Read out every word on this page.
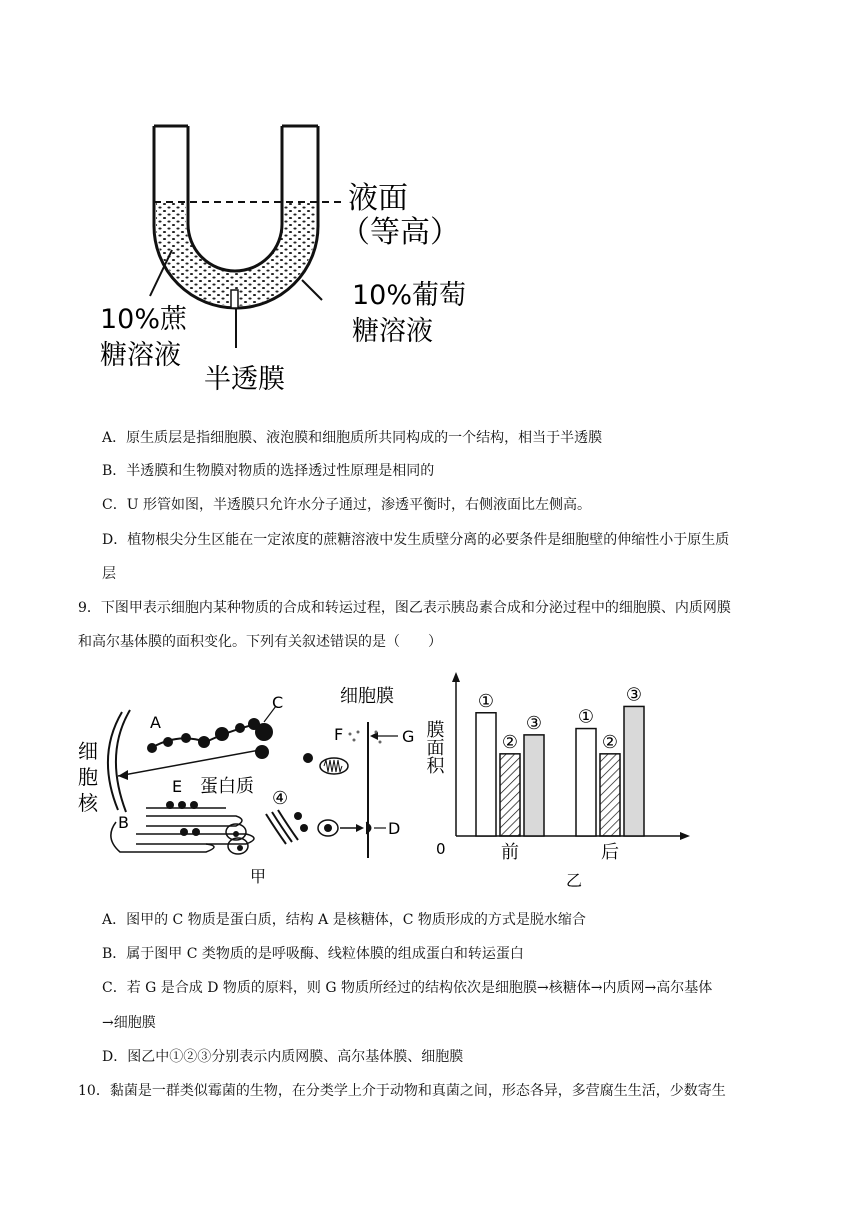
液面
（等高）
10%蔗
糖溶液
10%葡萄
糖溶液
半透膜
A．原生质层是指细胞膜、液泡膜和细胞质所共同构成的一个结构，相当于半透膜
B．半透膜和生物膜对物质的选择透过性原理是相同的
C．U 形管如图，半透膜只允许水分子通过，渗透平衡时，右侧液面比左侧高。
D．植物根尖分生区能在一定浓度的蔗糖溶液中发生质壁分离的必要条件是细胞壁的伸缩性小于原生质
层
9．下图甲表示细胞内某种物质的合成和转运过程，图乙表示胰岛素合成和分泌过程中的细胞膜、内质网膜
和高尔基体膜的面积变化。下列有关叙述错误的是（　　）
细
胞
核
A
C
E
B
蛋白质
④
D
细胞膜
F	G
甲
膜面积
0
①
②
③
前
①
②
③
后
乙
A．图甲的 C 物质是蛋白质，结构 A 是核糖体，C 物质形成的方式是脱水缩合
B．属于图甲 C 类物质的是呼吸酶、线粒体膜的组成蛋白和转运蛋白
C．若 G 是合成 D 物质的原料，则 G 物质所经过的结构依次是细胞膜→核糖体→内质网→高尔基体
→细胞膜
D．图乙中①②③分别表示内质网膜、高尔基体膜、细胞膜
10．黏菌是一群类似霉菌的生物，在分类学上介于动物和真菌之间，形态各异，多营腐生生活，少数寄生
